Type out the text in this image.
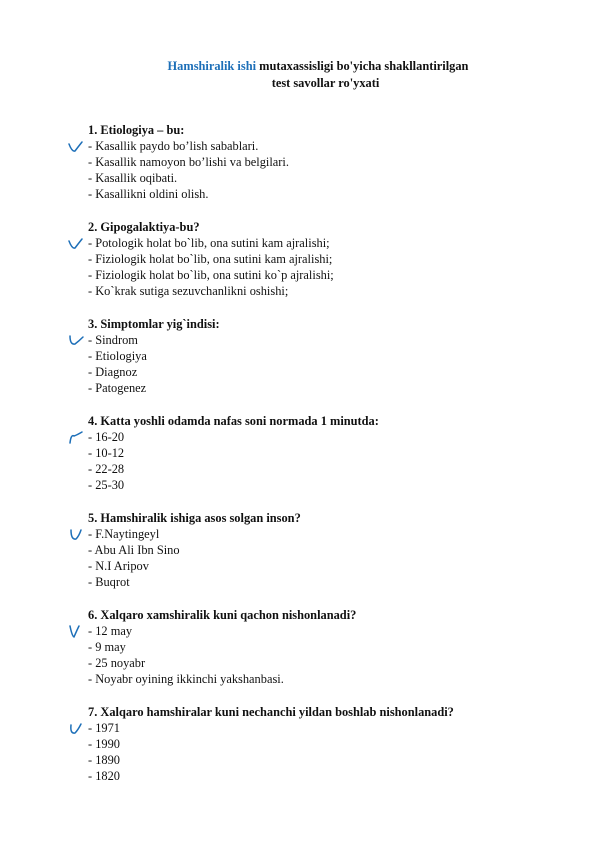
Hamshiralik ishi mutaxassisligi bo'yicha shakllantirilgan
test savollar ro'yxati
1. Etiologiya – bu:
- Kasallik paydo bo’lish sabablari.
- Kasallik namoyon bo’lishi va belgilari.
- Kasallik oqibati.
- Kasallikni oldini olish.
2. Gipogalaktiya-bu?
- Potologik holat bo`lib, ona sutini kam ajralishi;
- Fiziologik holat bo`lib, ona sutini kam ajralishi;
- Fiziologik holat bo`lib, ona sutini ko`p ajralishi;
- Ko`krak sutiga sezuvchanlikni oshishi;
3. Simptomlar yig`indisi:
- Sindrom
- Etiologiya
- Diagnoz
- Patogenez
4. Katta yoshli odamda nafas soni normada 1 minutda:
- 16-20
- 10-12
- 22-28
- 25-30
5. Hamshiralik ishiga asos solgan inson?
- F.Naytingeyl
- Abu Ali Ibn Sino
- N.I Aripov
- Buqrot
6. Xalqaro xamshiralik kuni qachon nishonlanadi?
- 12 may
- 9 may
- 25 noyabr
- Noyabr oyining ikkinchi yakshanbasi.
7. Xalqaro hamshiralar kuni nechanchi yildan boshlab nishonlanadi?
- 1971
- 1990
- 1890
- 1820
